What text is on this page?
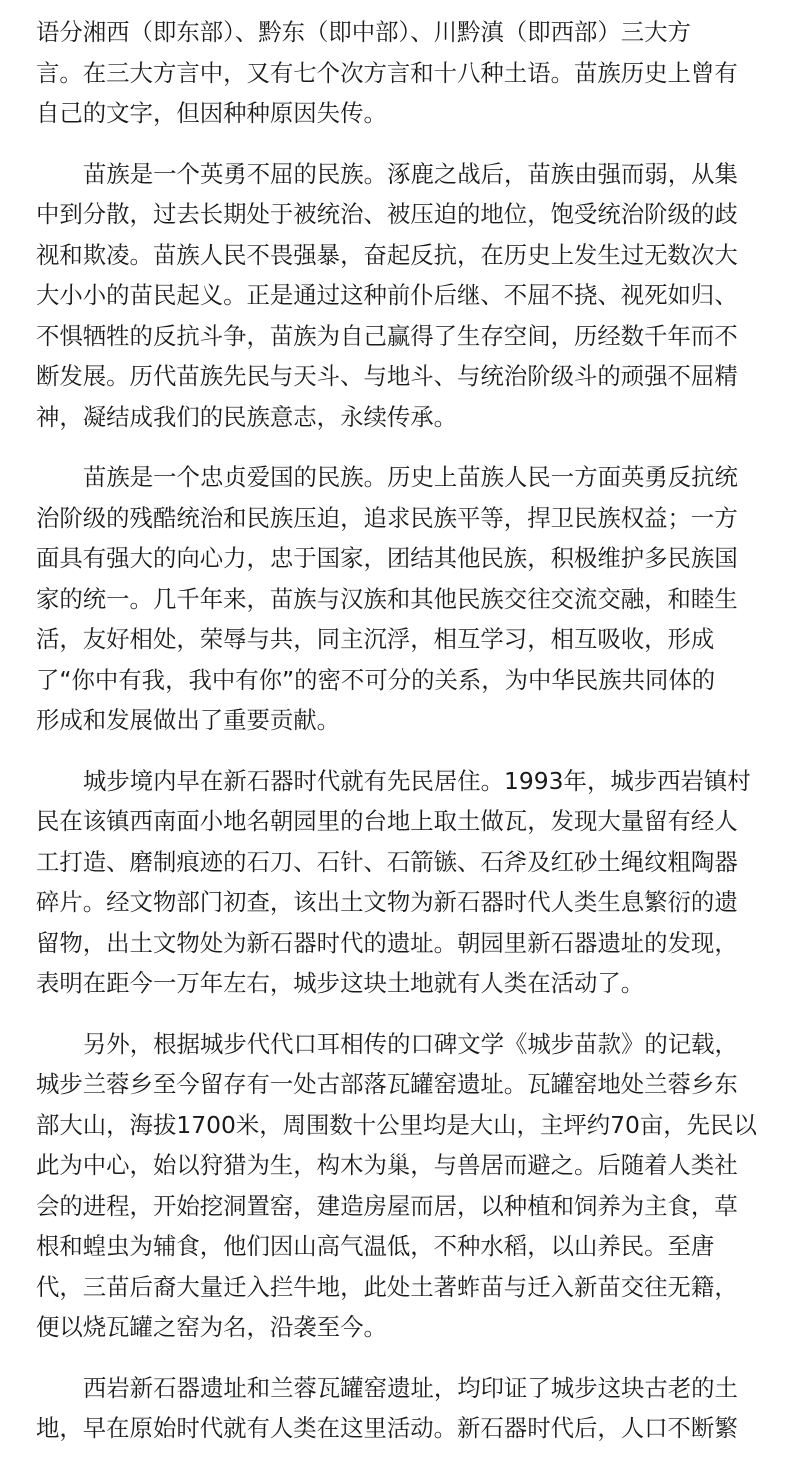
语分湘西（即东部）、黔东（即中部）、川黔滇（即西部）三大方
言。在三大方言中，又有七个次方言和十八种土语。苗族历史上曾有
自己的文字，但因种种原因失传。
苗族是一个英勇不屈的民族。涿鹿之战后，苗族由强而弱，从集
中到分散，过去长期处于被统治、被压迫的地位，饱受统治阶级的歧
视和欺凌。苗族人民不畏强暴，奋起反抗，在历史上发生过无数次大
大小小的苗民起义。正是通过这种前仆后继、不屈不挠、视死如归、
不惧牺牲的反抗斗争，苗族为自己赢得了生存空间，历经数千年而不
断发展。历代苗族先民与天斗、与地斗、与统治阶级斗的顽强不屈精
神，凝结成我们的民族意志，永续传承。
苗族是一个忠贞爱国的民族。历史上苗族人民一方面英勇反抗统
治阶级的残酷统治和民族压迫，追求民族平等，捍卫民族权益；一方
面具有强大的向心力，忠于国家，团结其他民族，积极维护多民族国
家的统一。几千年来，苗族与汉族和其他民族交往交流交融，和睦生
活，友好相处，荣辱与共，同主沉浮，相互学习，相互吸收，形成
了“你中有我，我中有你”的密不可分的关系，为中华民族共同体的
形成和发展做出了重要贡献。
城步境内早在新石器时代就有先民居住。1993年，城步西岩镇村
民在该镇西南面小地名朝园里的台地上取土做瓦，发现大量留有经人
工打造、磨制痕迹的石刀、石针、石箭镞、石斧及红砂土绳纹粗陶器
碎片。经文物部门初查，该出土文物为新石器时代人类生息繁衍的遗
留物，出土文物处为新石器时代的遗址。朝园里新石器遗址的发现，
表明在距今一万年左右，城步这块土地就有人类在活动了。
另外，根据城步代代口耳相传的口碑文学《城步苗款》的记载，
城步兰蓉乡至今留存有一处古部落瓦罐窑遗址。瓦罐窑地处兰蓉乡东
部大山，海拔1700米，周围数十公里均是大山，主坪约70亩，先民以
此为中心，始以狩猎为生，构木为巢，与兽居而避之。后随着人类社
会的进程，开始挖洞置窑，建造房屋而居，以种植和饲养为主食，草
根和蝗虫为辅食，他们因山高气温低，不种水稻，以山养民。至唐
代，三苗后裔大量迁入拦牛地，此处土著蚱苗与迁入新苗交往无籍，
便以烧瓦罐之窑为名，沿袭至今。
西岩新石器遗址和兰蓉瓦罐窑遗址，均印证了城步这块古老的土
地，早在原始时代就有人类在这里活动。新石器时代后，人口不断繁
